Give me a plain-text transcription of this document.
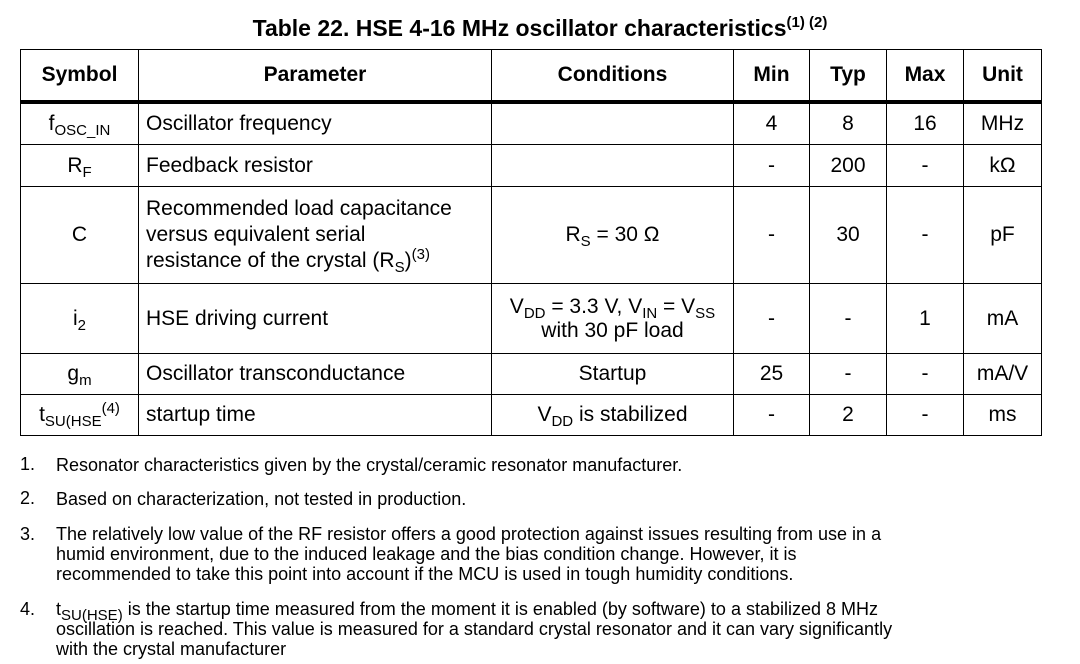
Table 22. HSE 4-16 MHz oscillator characteristics$^{(1) (2)}$
Symbol	Parameter	Conditions	Min	Typ	Max	Unit
$f_{OSC\_IN}$	Oscillator frequency		4	8	16	MHz
$R_F$	Feedback resistor		-	200	-	kΩ
C	Recommended load capacitance
versus equivalent serial
resistance of the crystal $(R_S)^{(3)}$	$R_S = 30$ Ω	-	30	-	pF
$i_2$	HSE driving current	$V_{DD} = 3.3$ V, $V_{IN} = V_{SS}$
with 30 pF load	-	-	1	mA
$g_m$	Oscillator transconductance	Startup	25	-	-	mA/V
$t_{SU(HSE}^{(4)}$	startup time	$V_{DD}$ is stabilized	-	2	-	ms
1. Resonator characteristics given by the crystal/ceramic resonator manufacturer.

2. Based on characterization, not tested in production.

3. The relatively low value of the RF resistor offers a good protection against issues resulting from use in a

humid environment, due to the induced leakage and the bias condition change. However, it is

recommended to take this point into account if the MCU is used in tough humidity conditions.

4. $t_{SU(HSE)}$ is the startup time measured from the moment it is enabled (by software) to a stabilized 8 MHz

oscillation is reached. This value is measured for a standard crystal resonator and it can vary significantly

with the crystal manufacturer
